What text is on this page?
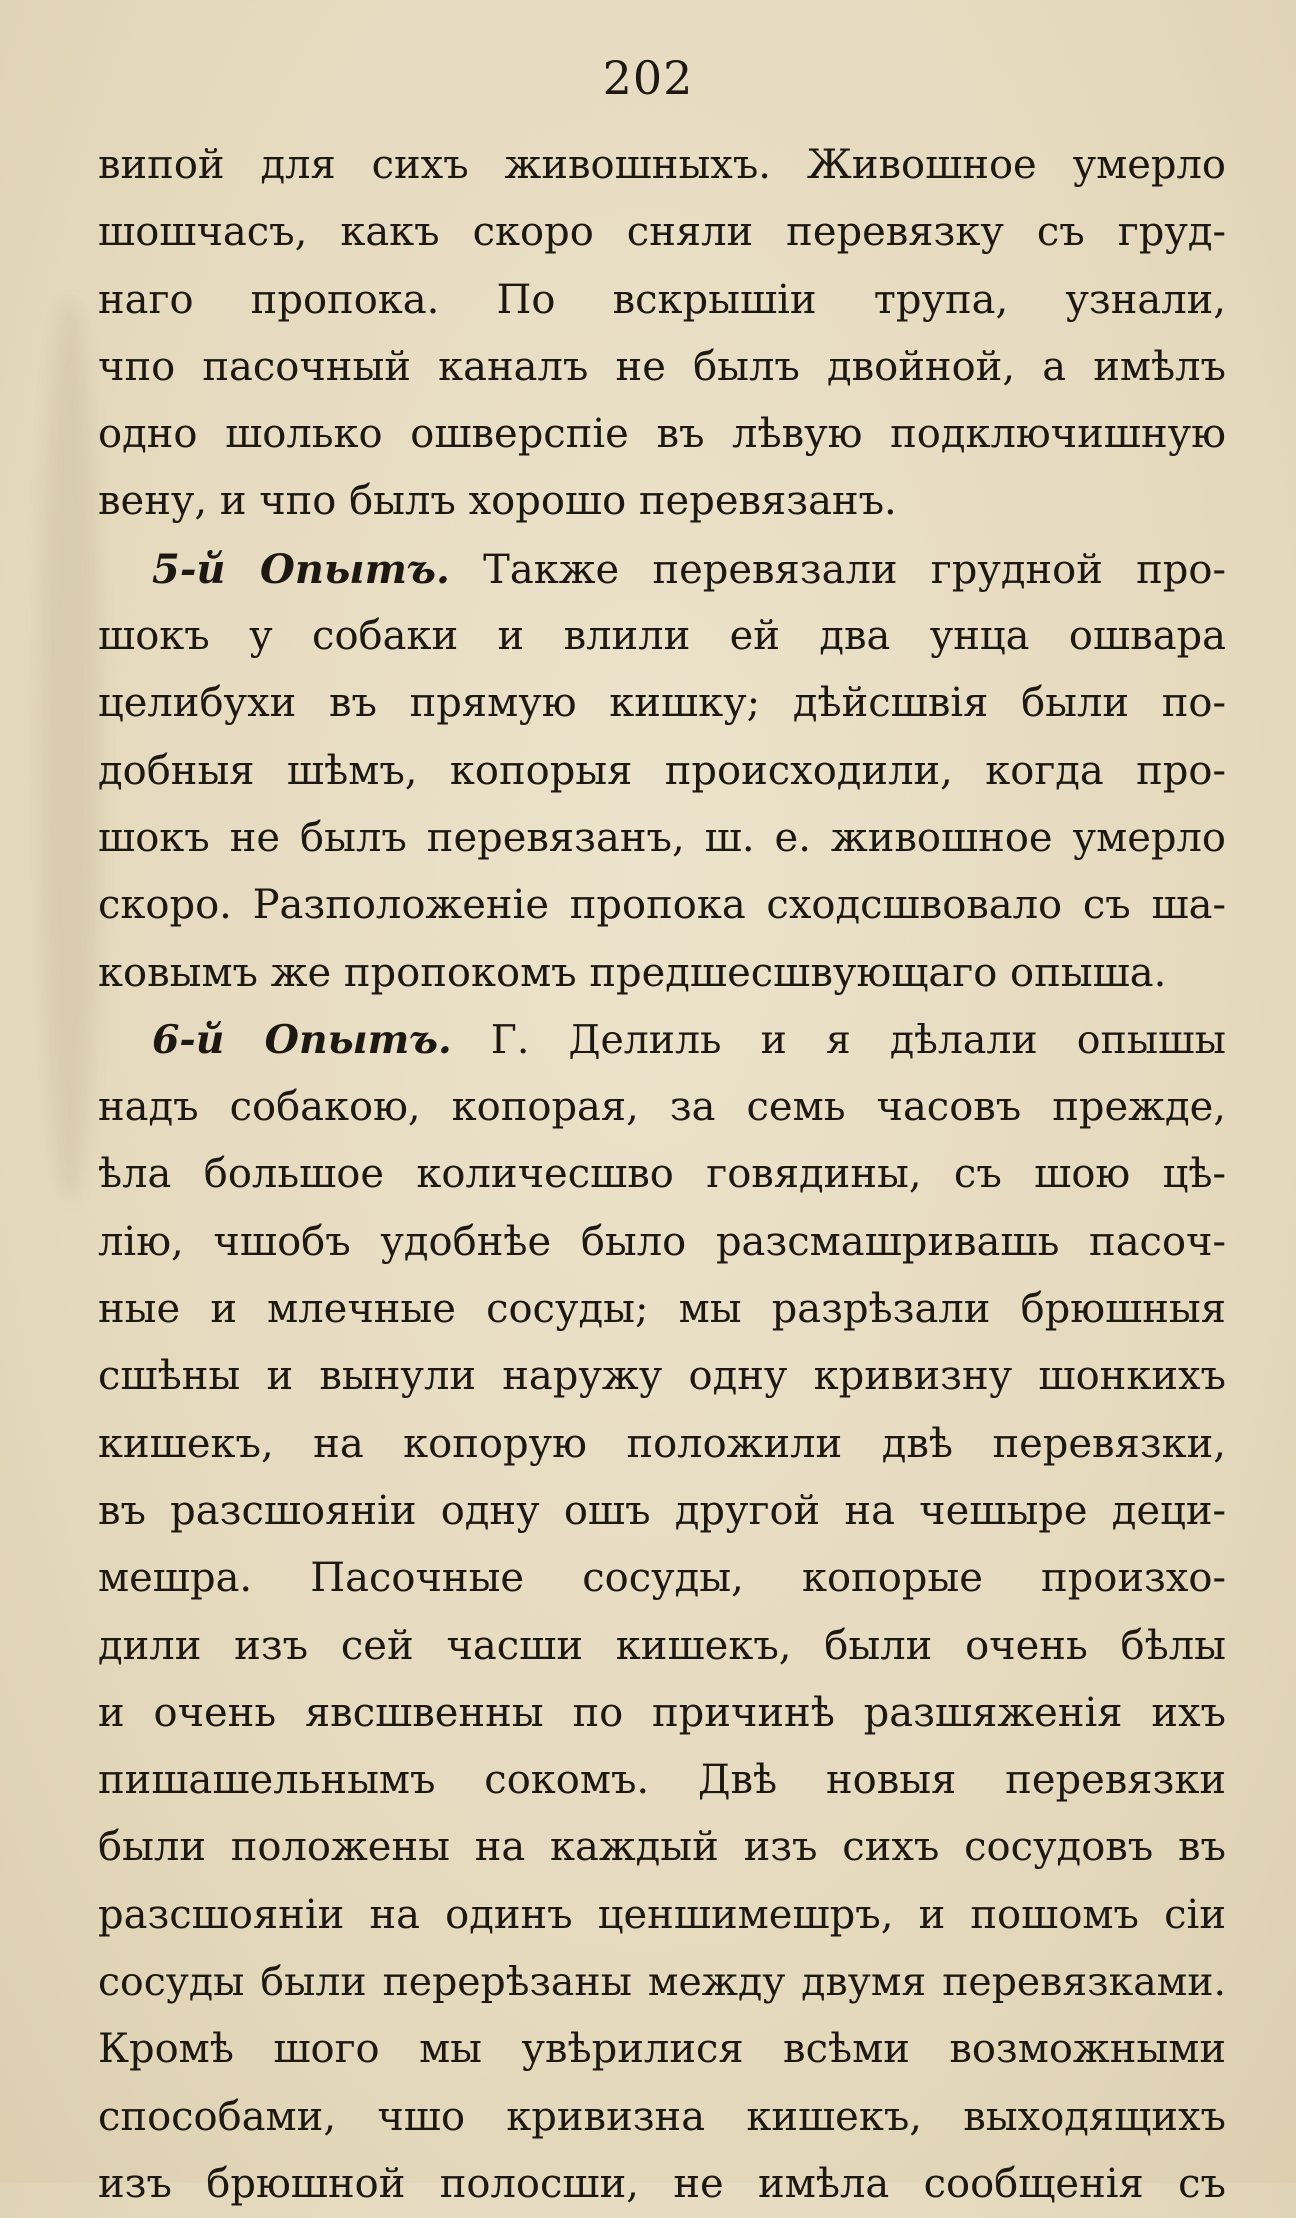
202
випой для сихъ живошныхъ. Живошное умерло
шошчасъ, какъ скоро сняли перевязку съ груд-
наго пропока. По вскрышіи трупа, узнали,
чпо пасочный каналъ не былъ двойной, а имѣлъ
одно шолько ошверспіе въ лѣвую подключишную
вену, и чпо былъ хорошо перевязанъ.
5-й Опытъ. Также перевязали грудной про-
шокъ у собаки и влили ей два унца ошвара
целибухи въ прямую кишку; дѣйсшвія были по-
добныя шѣмъ, копорыя происходили, когда про-
шокъ не былъ перевязанъ, ш. е. живошное умерло
скоро. Разположеніе пропока сходсшвовало съ ша-
ковымъ же пропокомъ предшесшвующаго опыша.
6-й Опытъ. Г. Делиль и я дѣлали опышы
надъ собакою, копорая, за семь часовъ прежде,
ѣла большое количесшво говядины, съ шою цѣ-
лію, чшобъ удобнѣе было разсмашривашь пасоч-
ные и млечные сосуды; мы разрѣзали брюшныя
сшѣны и вынули наружу одну кривизну шонкихъ
кишекъ, на копорую положили двѣ перевязки,
въ разсшояніи одну ошъ другой на чешыре деци-
мешра. Пасочные сосуды, копорые произхо-
дили изъ сей часши кишекъ, были очень бѣлы
и очень явсшвенны по причинѣ разшяженія ихъ
пишашельнымъ сокомъ. Двѣ новыя перевязки
были положены на каждый изъ сихъ сосудовъ въ
разсшояніи на одинъ ценшимешръ, и пошомъ сіи
сосуды были перерѣзаны между двумя перевязками.
Кромѣ шого мы увѣрилися всѣми возможными
способами, чшо кривизна кишекъ, выходящихъ
изъ брюшной полосши, не имѣла сообщенія съ
